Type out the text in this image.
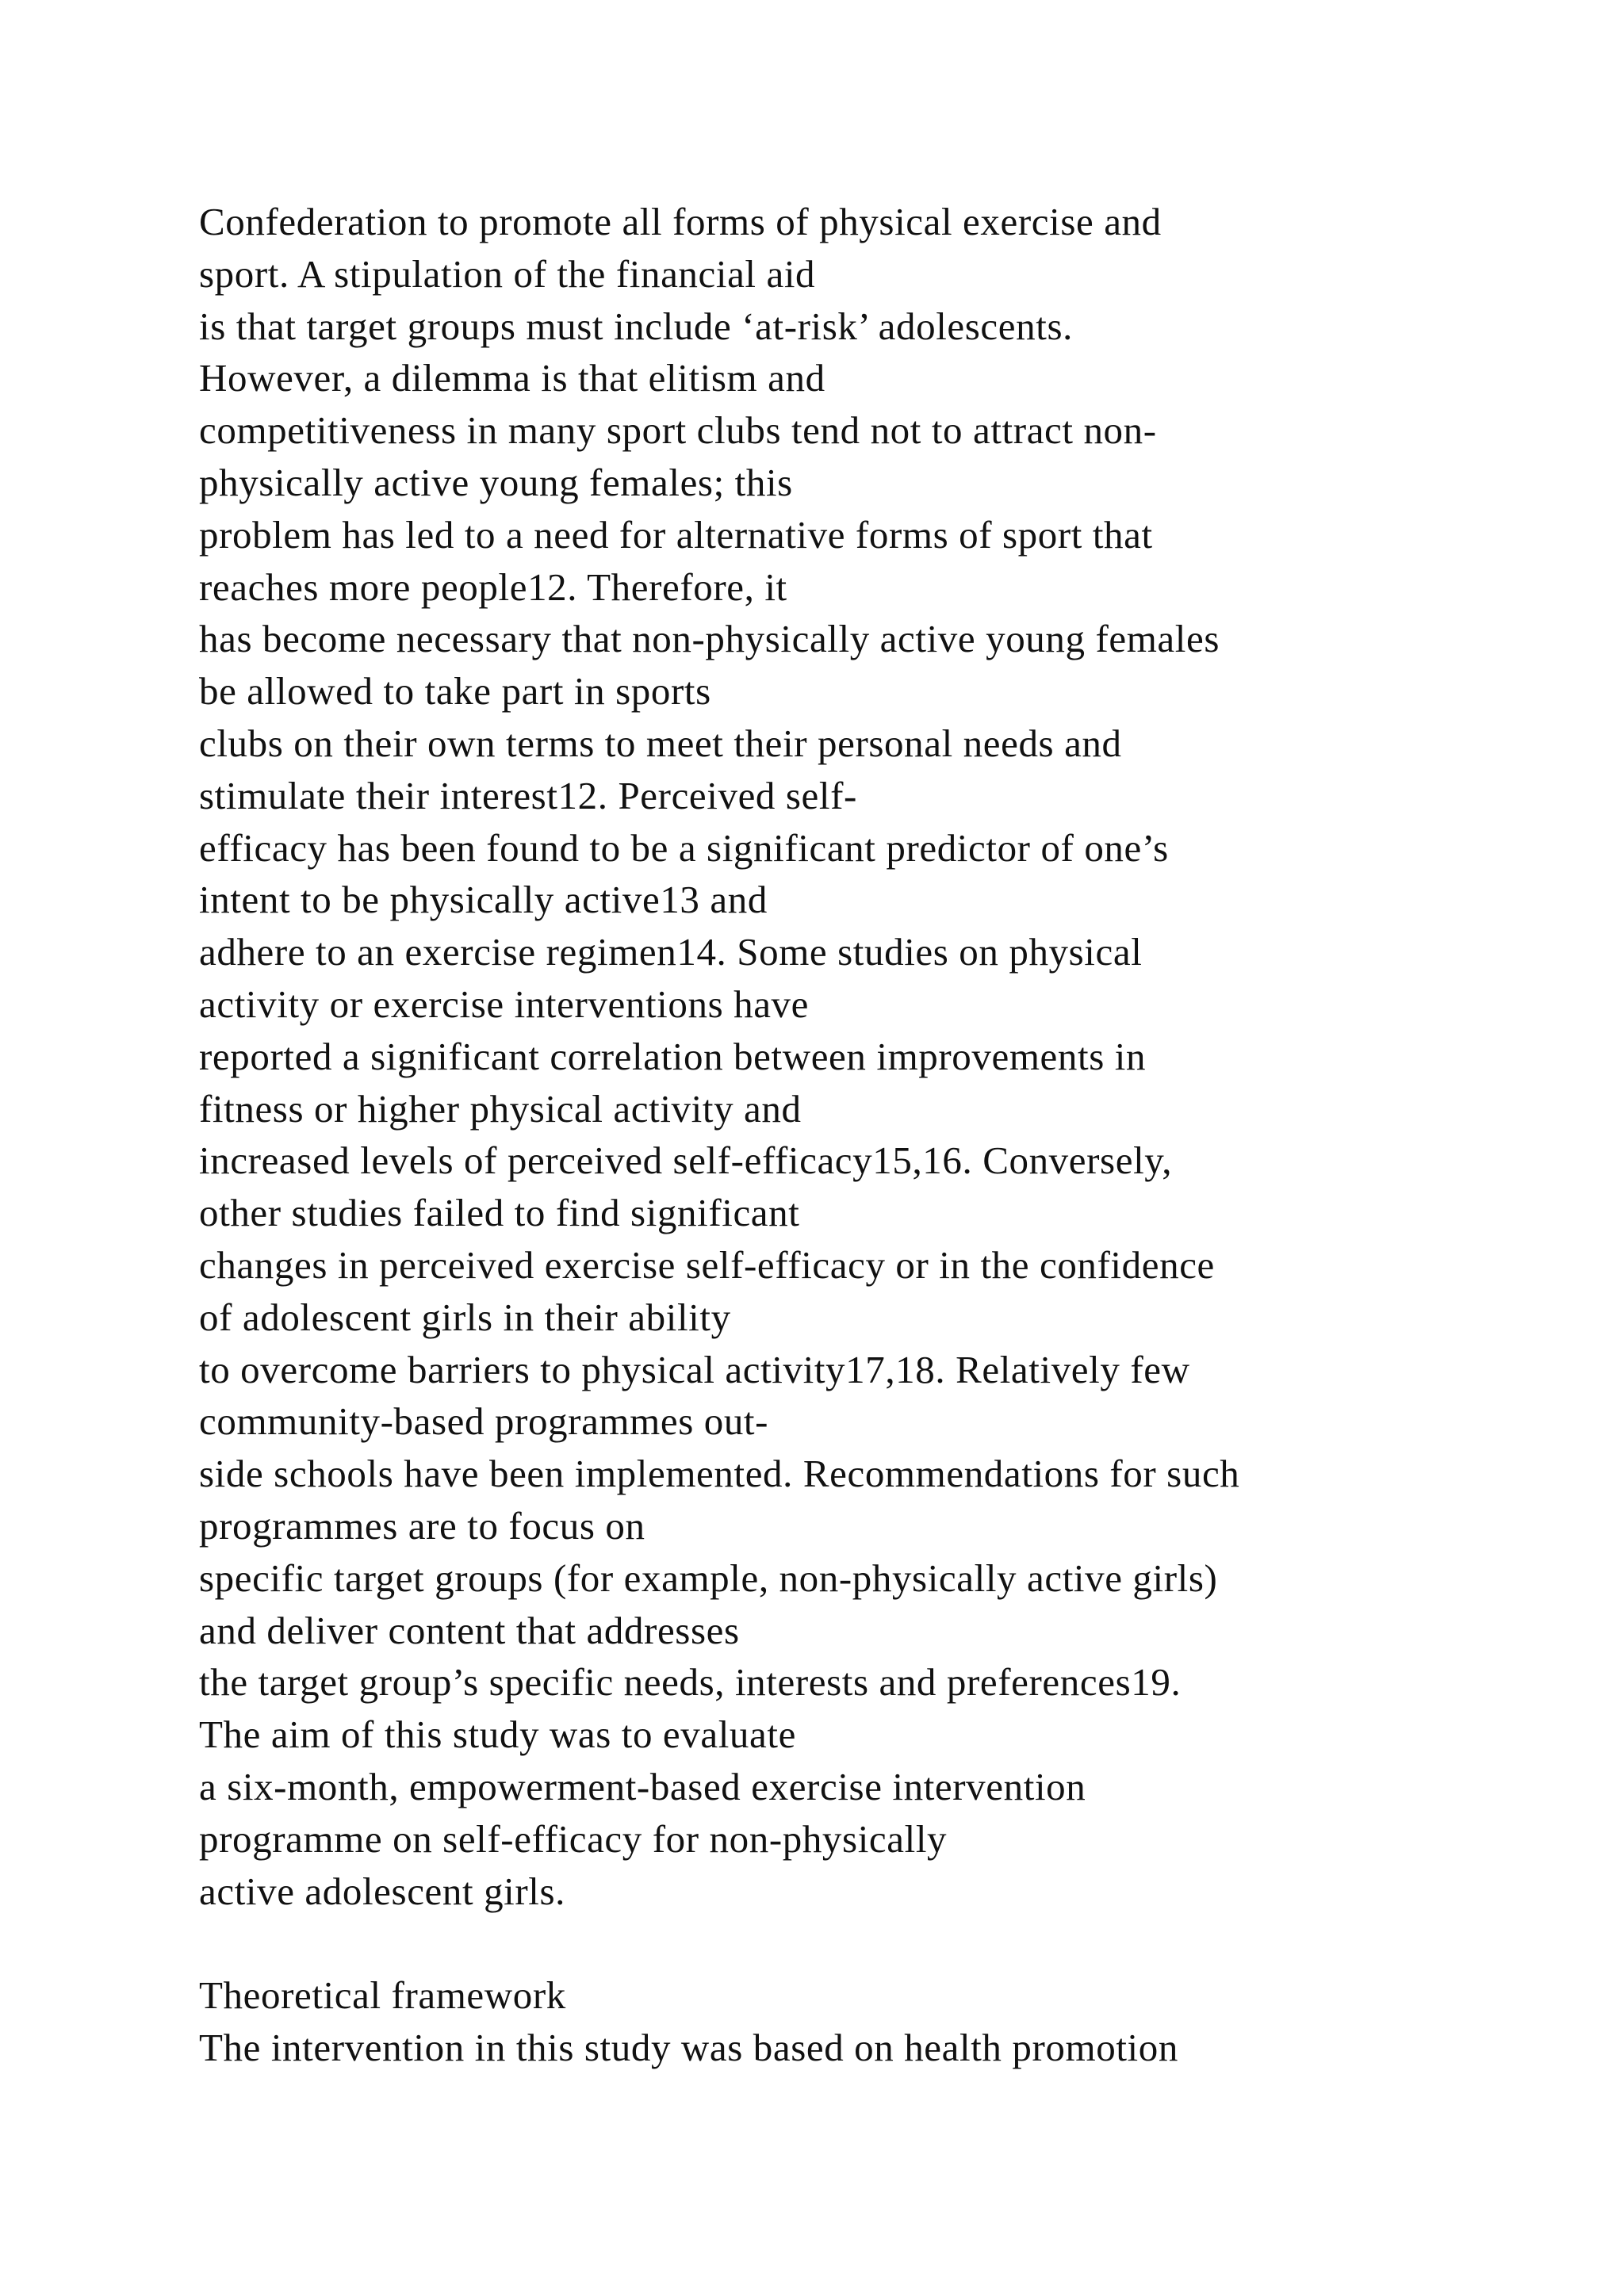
Confederation to promote all forms of physical exercise and
sport. A stipulation of the financial aid
is that target groups must include ‘at-risk’ adolescents.
However, a dilemma is that elitism and
competitiveness in many sport clubs tend not to attract non-
physically active young females; this
problem has led to a need for alternative forms of sport that
reaches more people12. Therefore, it
has become necessary that non-physically active young females
be allowed to take part in sports
clubs on their own terms to meet their personal needs and
stimulate their interest12. Perceived self-
efficacy has been found to be a significant predictor of one’s
intent to be physically active13 and
adhere to an exercise regimen14. Some studies on physical
activity or exercise interventions have
reported a significant correlation between improvements in
fitness or higher physical activity and
increased levels of perceived self-efficacy15,16. Conversely,
other studies failed to find significant
changes in perceived exercise self-efficacy or in the confidence
of adolescent girls in their ability
to overcome barriers to physical activity17,18. Relatively few
community-based programmes out-
side schools have been implemented. Recommendations for such
programmes are to focus on
specific target groups (for example, non-physically active girls)
and deliver content that addresses
the target group’s specific needs, interests and preferences19.
The aim of this study was to evaluate
a six-month, empowerment-based exercise intervention
programme on self-efficacy for non-physically
active adolescent girls.
Theoretical framework
The intervention in this study was based on health promotion
